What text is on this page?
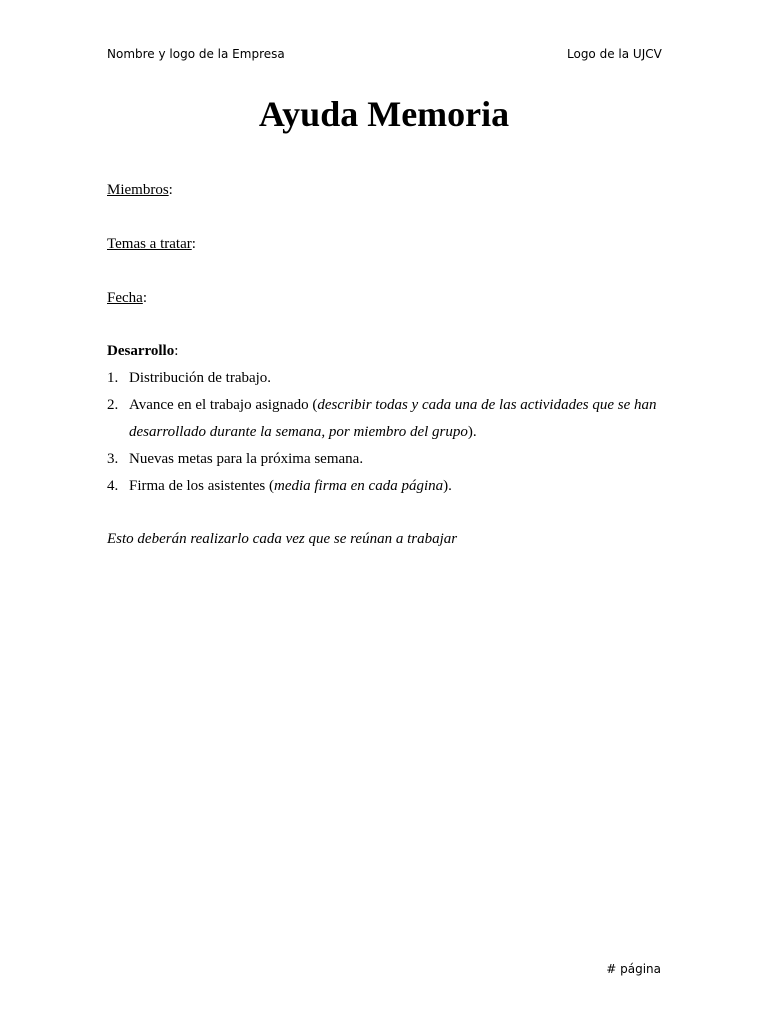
Nombre y logo de la Empresa	Logo de la UJCV
Ayuda Memoria
Miembros:
Temas a tratar:
Fecha:
Desarrollo:
1. Distribución de trabajo.
2. Avance en el trabajo asignado (describir todas y cada una de las actividades que se han desarrollado durante la semana, por miembro del grupo).
3. Nuevas metas para la próxima semana.
4. Firma de los asistentes (media firma en cada página).
Esto deberán realizarlo cada vez que se reúnan a trabajar
# página
